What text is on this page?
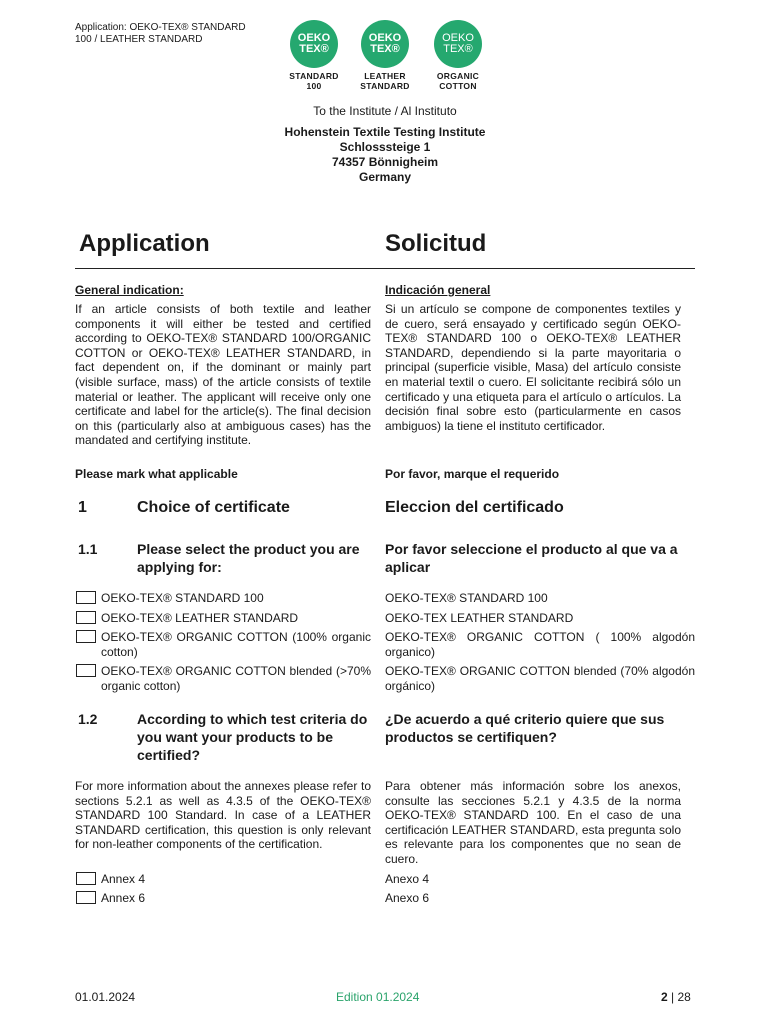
Application: OEKO-TEX® STANDARD
100 / LEATHER STANDARD	OEKO
TEX®
STANDARD
100
OEKO
TEX®
LEATHER
STANDARD
OEKO
TEX®
ORGANIC
COTTON
To the Institute / Al Instituto
Hohenstein Textile Testing Institute
Schlosssteige 1
74357 Bönnigheim
Germany
Application	Solicitud
General indication:
If an article consists of both textile and leather components it will either be tested and certified according to OEKO-TEX® STANDARD 100/ORGANIC COTTON or OEKO-TEX® LEATHER STANDARD, in fact dependent on, if the dominant or mainly part (visible surface, mass) of the article consists of textile material or leather. The applicant will receive only one certificate and label for the article(s). The final decision on this (particularly also at ambiguous cases) has the mandated and certifying institute.
Please mark what applicable
Indicación general
Si un artículo se compone de componentes textiles y de cuero, será ensayado y certificado según OEKO-TEX® STANDARD 100 o OEKO-TEX® LEATHER STANDARD, dependiendo si la parte mayoritaria o principal (superficie visible, Masa) del artículo consiste en material textil o cuero. El solicitante recibirá sólo un certificado y una etiqueta para el artículo o artículos. La decisión final sobre esto (particularmente en casos ambiguos) la tiene el instituto certificador.
Por favor, marque el requerido
1	Choice of certificate	Eleccion del certificado
1.1	Please select the product you are applying for:
Por favor seleccione el producto al que va a aplicar
OEKO-TEX® STANDARD 100	OEKO-TEX® STANDARD 100
OEKO-TEX® LEATHER STANDARD	OEKO-TEX LEATHER STANDARD
OEKO-TEX® ORGANIC COTTON (100% organic cotton)
OEKO-TEX® ORGANIC COTTON ( 100% algodón organico)
OEKO-TEX® ORGANIC COTTON blended (>70% organic cotton)
OEKO-TEX® ORGANIC COTTON blended (70% algodón orgánico)
1.2	According to which test criteria do you want your products to be certified?
¿De acuerdo a qué criterio quiere que sus productos se certifiquen?
For more information about the annexes please refer to sections 5.2.1 as well as 4.3.5 of the OEKO-TEX® STANDARD 100 Standard. In case of a LEATHER STANDARD certification, this question is only relevant for non-leather components of the certification.
Para obtener más información sobre los anexos, consulte las secciones 5.2.1 y 4.3.5 de la norma OEKO-TEX® STANDARD 100. En el caso de una certificación LEATHER STANDARD, esta pregunta solo es relevante para los componentes que no sean de cuero.
Annex 4	Anexo 4
Annex 6	Anexo 6
01.01.2024	Edition 01.2024	2 | 28
